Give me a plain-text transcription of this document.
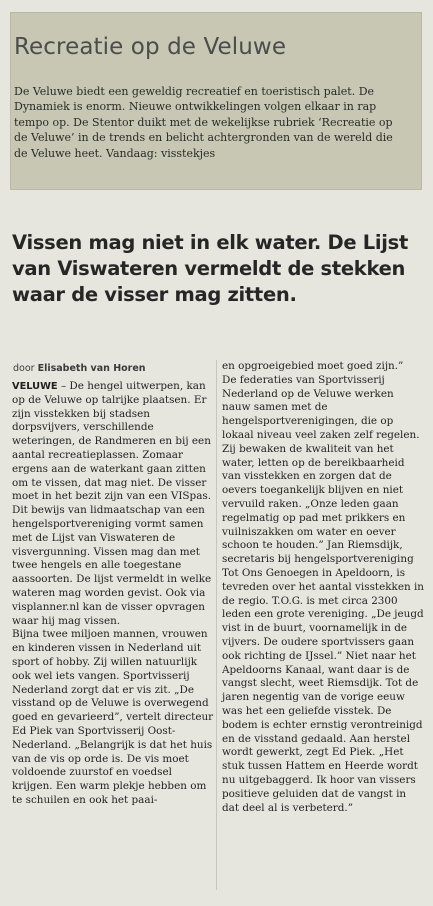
Recreatie op de Veluwe

De Veluwe biedt een geweldig recreatief en toeristisch palet. De Dynamiek is enorm. Nieuwe ontwikkelingen volgen elkaar in rap tempo op. De Stentor duikt met de wekelijkse rubriek ‘Recreatie op de Veluwe’ in de trends en belicht achtergronden van de wereld die de Veluwe heet. Vandaag: visstekjes

Vissen mag niet in elk water. De Lijst van Viswateren vermeldt de stekken waar de visser mag zitten.
door Elisabeth van Horen

VELUWE – De hengel uitwerpen, kan op de Veluwe op talrijke plaatsen. Er zijn visstekken bij stadsen dorpsvijvers, verschillende weteringen, de Randmeren en bij een aantal recreatieplassen. Zomaar ergens aan de waterkant gaan zitten om te vissen, dat mag niet. De visser moet in het bezit zijn van een VISpas.

Dit bewijs van lidmaatschap van een hengelsportvereniging vormt samen met de Lijst van Viswateren de visvergunning. Vissen mag dan met twee hengels en alle toegestane aassoorten. De lijst vermeldt in welke wateren mag worden gevist. Ook via visplanner.nl kan de visser opvragen waar hij mag vissen.

Bijna twee miljoen mannen, vrouwen en kinderen vissen in Nederland uit sport of hobby. Zij willen natuurlijk ook wel iets vangen. Sportvisserij Nederland zorgt dat er vis zit. „De visstand op de Veluwe is overwegend goed en gevarieerd”, vertelt directeur Ed Piek van Sportvisserij Oost-Nederland. „Belangrijk is dat het huis van de vis op orde is. De vis moet voldoende zuurstof en voedsel krijgen. Een warm plekje hebben om te schuilen en ook het paai-

en opgroeigebied moet goed zijn.”

De federaties van Sportvisserij Nederland op de Veluwe werken nauw samen met de hengelsportverenigingen, die op lokaal niveau veel zaken zelf regelen. Zij bewaken de kwaliteit van het water, letten op de bereikbaarheid van visstekken en zorgen dat de oevers toegankelijk blijven en niet vervuild raken. „Onze leden gaan regelmatig op pad met prikkers en vuilniszakken om water en oever schoon te houden.” Jan Riemsdijk, secretaris bij hengelsportvereniging Tot Ons Genoegen in Apeldoorn, is tevreden over het aantal visstekken in de regio. T.O.G. is met circa 2300 leden een grote vereniging. „De jeugd vist in de buurt, voornamelijk in de vijvers. De oudere sportvissers gaan ook richting de IJssel.” Niet naar het Apeldoorns Kanaal, want daar is de vangst slecht, weet Riemsdijk. Tot de jaren negentig van de vorige eeuw was het een geliefde visstek. De bodem is echter ernstig verontreinigd en de visstand gedaald. Aan herstel wordt gewerkt, zegt Ed Piek. „Het stuk tussen Hattem en Heerde wordt nu uitgebaggerd. Ik hoor van vissers positieve geluiden dat de vangst in dat deel al is verbeterd.”
